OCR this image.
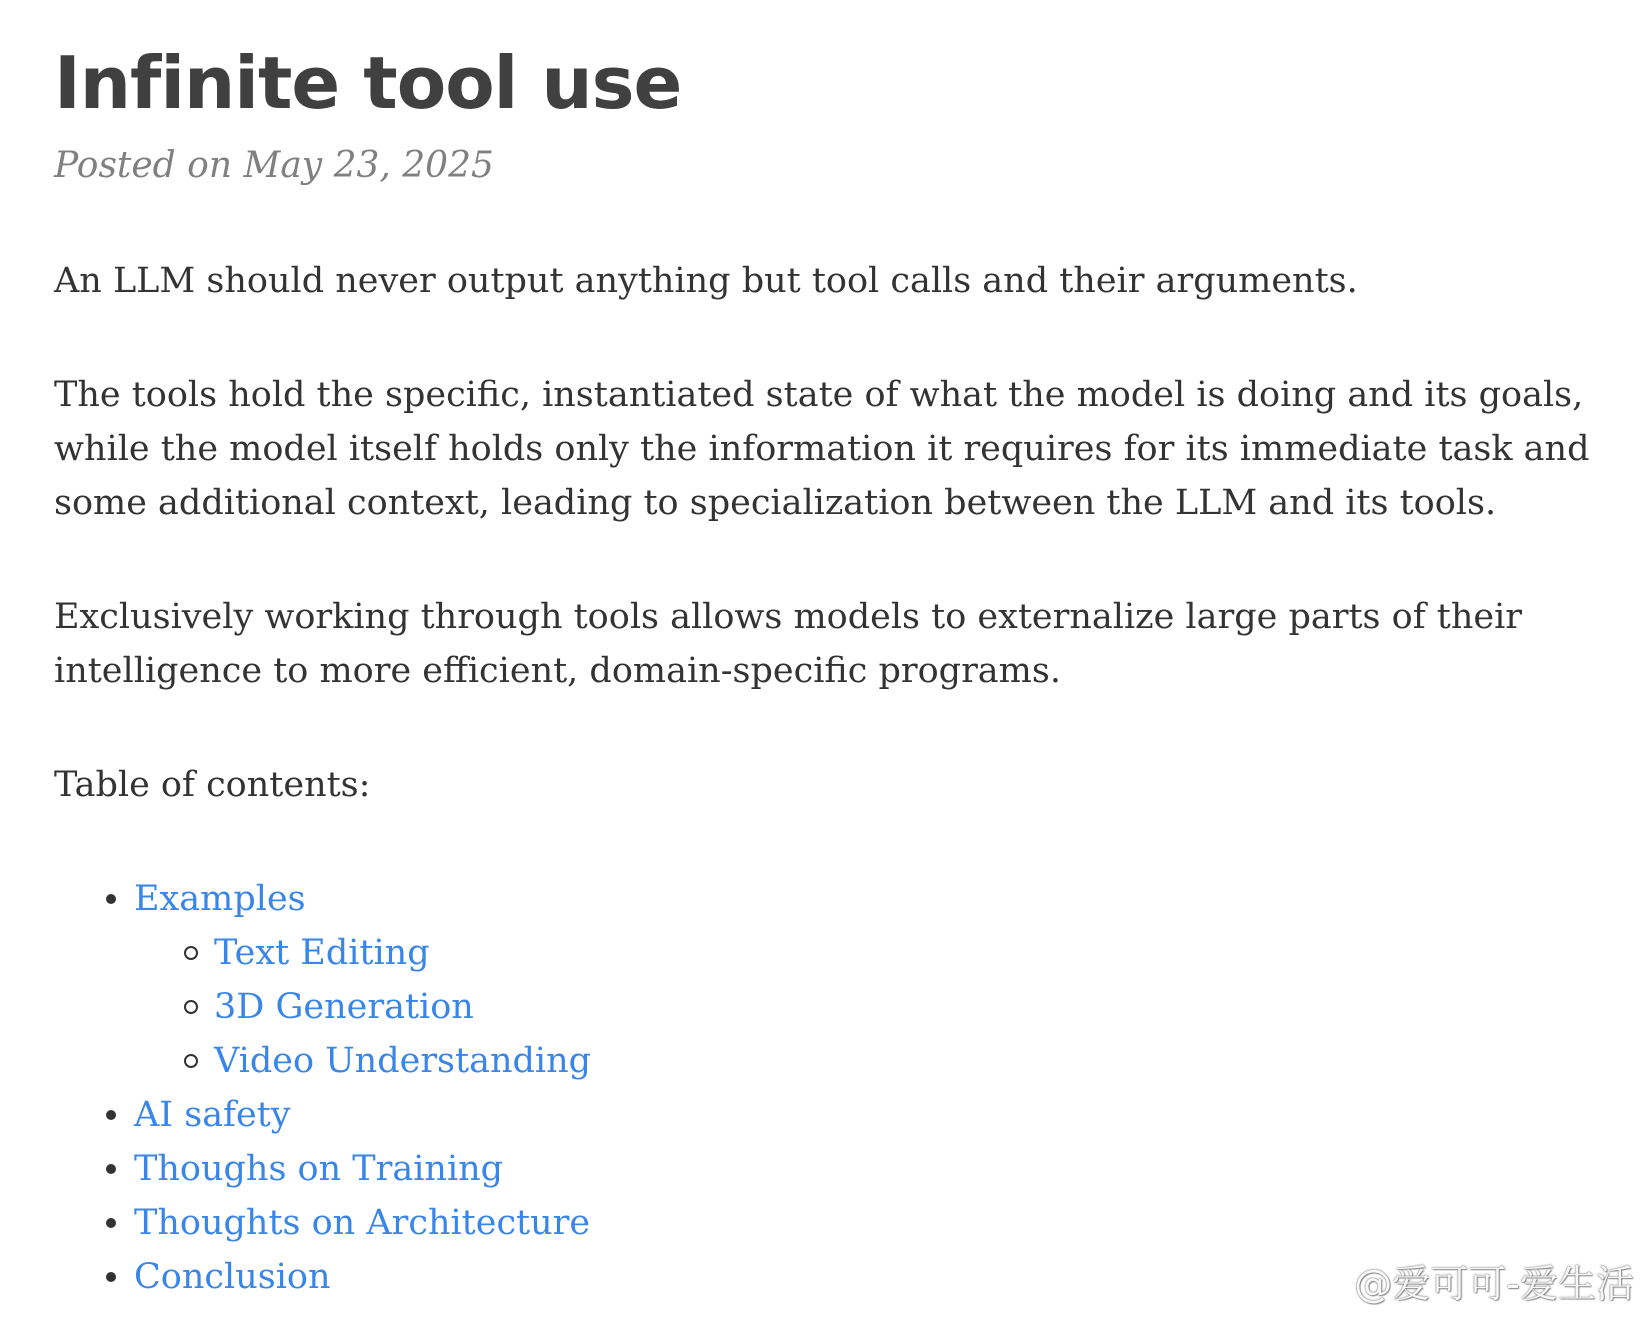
Infinite tool use
Posted on May 23, 2025

An LLM should never output anything but tool calls and their arguments.

The tools hold the specific, instantiated state of what the model is doing and its goals, while the model itself holds only the information it requires for its immediate task and some additional context, leading to specialization between the LLM and its tools.

Exclusively working through tools allows models to externalize large parts of their intelligence to more efficient, domain-specific programs.

Table of contents:

Examples
Text Editing
3D Generation
Video Understanding
AI safety
Thoughs on Training
Thoughts on Architecture
Conclusion	@爱可可-爱生活
